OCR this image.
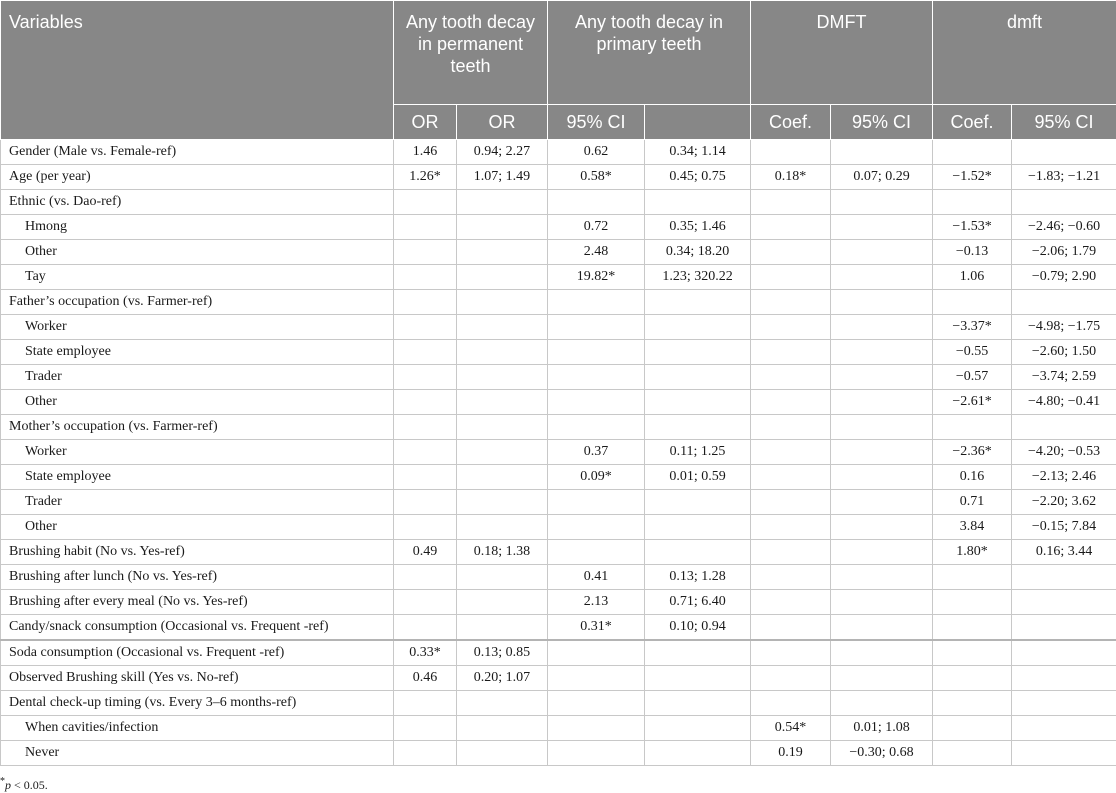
Variables	Any tooth decay in permanent teeth		Any tooth decay in primary teeth		DMFT		dmft	
	OR	OR	95% CI		Coef.	95% CI	Coef.	95% CI
Gender (Male vs. Female-ref)	1.46	0.94; 2.27	0.62	0.34; 1.14				
Age (per year)	1.26*	1.07; 1.49	0.58*	0.45; 0.75	0.18*	0.07; 0.29	−1.52*	−1.83; −1.21
Ethnic (vs. Dao-ref)								
Hmong			0.72	0.35; 1.46			−1.53*	−2.46; −0.60
Other			2.48	0.34; 18.20			−0.13	−2.06; 1.79
Tay			19.82*	1.23; 320.22			1.06	−0.79; 2.90
Father’s occupation (vs. Farmer-ref)								
Worker							−3.37*	−4.98; −1.75
State employee							−0.55	−2.60; 1.50
Trader							−0.57	−3.74; 2.59
Other							−2.61*	−4.80; −0.41
Mother’s occupation (vs. Farmer-ref)								
Worker			0.37	0.11; 1.25			−2.36*	−4.20; −0.53
State employee			0.09*	0.01; 0.59			0.16	−2.13; 2.46
Trader							0.71	−2.20; 3.62
Other							3.84	−0.15; 7.84
Brushing habit (No vs. Yes-ref)	0.49	0.18; 1.38					1.80*	0.16; 3.44
Brushing after lunch (No vs. Yes-ref)			0.41	0.13; 1.28				
Brushing after every meal (No vs. Yes-ref)			2.13	0.71; 6.40				
Candy/snack consumption (Occasional vs. Frequent -ref)			0.31*	0.10; 0.94				
Soda consumption (Occasional vs. Frequent -ref)	0.33*	0.13; 0.85						
Observed Brushing skill (Yes vs. No-ref)	0.46	0.20; 1.07						
Dental check-up timing (vs. Every 3–6 months-ref)								
When cavities/infection					0.54*	0.01; 1.08		
Never					0.19	−0.30; 0.68		
*p < 0.05.
